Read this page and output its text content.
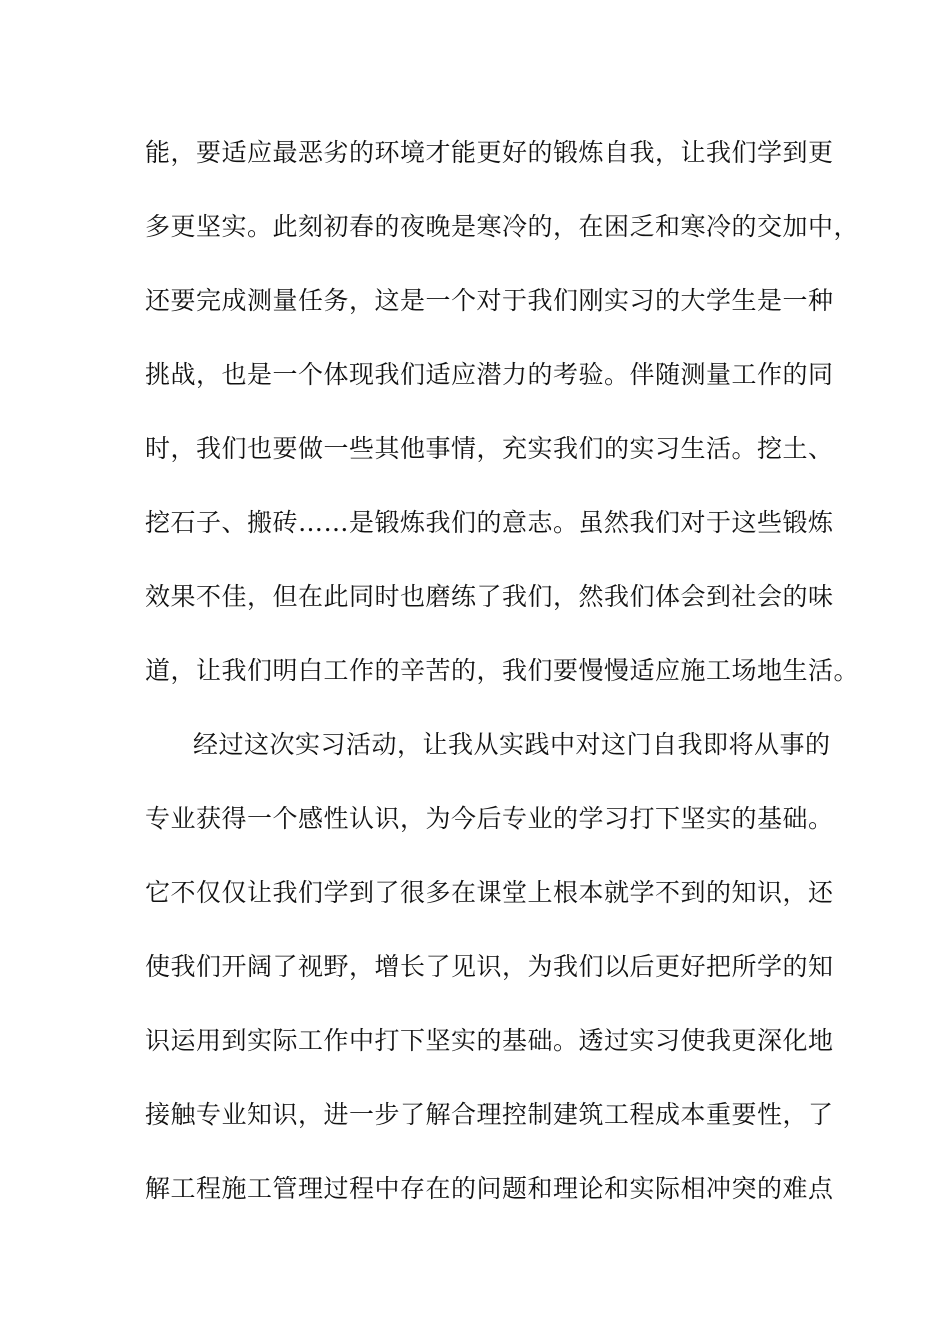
能，要适应最恶劣的环境才能更好的锻炼自我，让我们学到更
多更坚实。此刻初春的夜晚是寒冷的，在困乏和寒冷的交加中，
还要完成测量任务，这是一个对于我们刚实习的大学生是一种
挑战，也是一个体现我们适应潜力的考验。伴随测量工作的同
时，我们也要做一些其他事情，充实我们的实习生活。挖土、
挖石子、搬砖……是锻炼我们的意志。虽然我们对于这些锻炼
效果不佳，但在此同时也磨练了我们，然我们体会到社会的味
道，让我们明白工作的辛苦的，我们要慢慢适应施工场地生活。
经过这次实习活动，让我从实践中对这门自我即将从事的
专业获得一个感性认识，为今后专业的学习打下坚实的基础。
它不仅仅让我们学到了很多在课堂上根本就学不到的知识，还
使我们开阔了视野，增长了见识，为我们以后更好把所学的知
识运用到实际工作中打下坚实的基础。透过实习使我更深化地
接触专业知识，进一步了解合理控制建筑工程成本重要性，了
解工程施工管理过程中存在的问题和理论和实际相冲突的难点
